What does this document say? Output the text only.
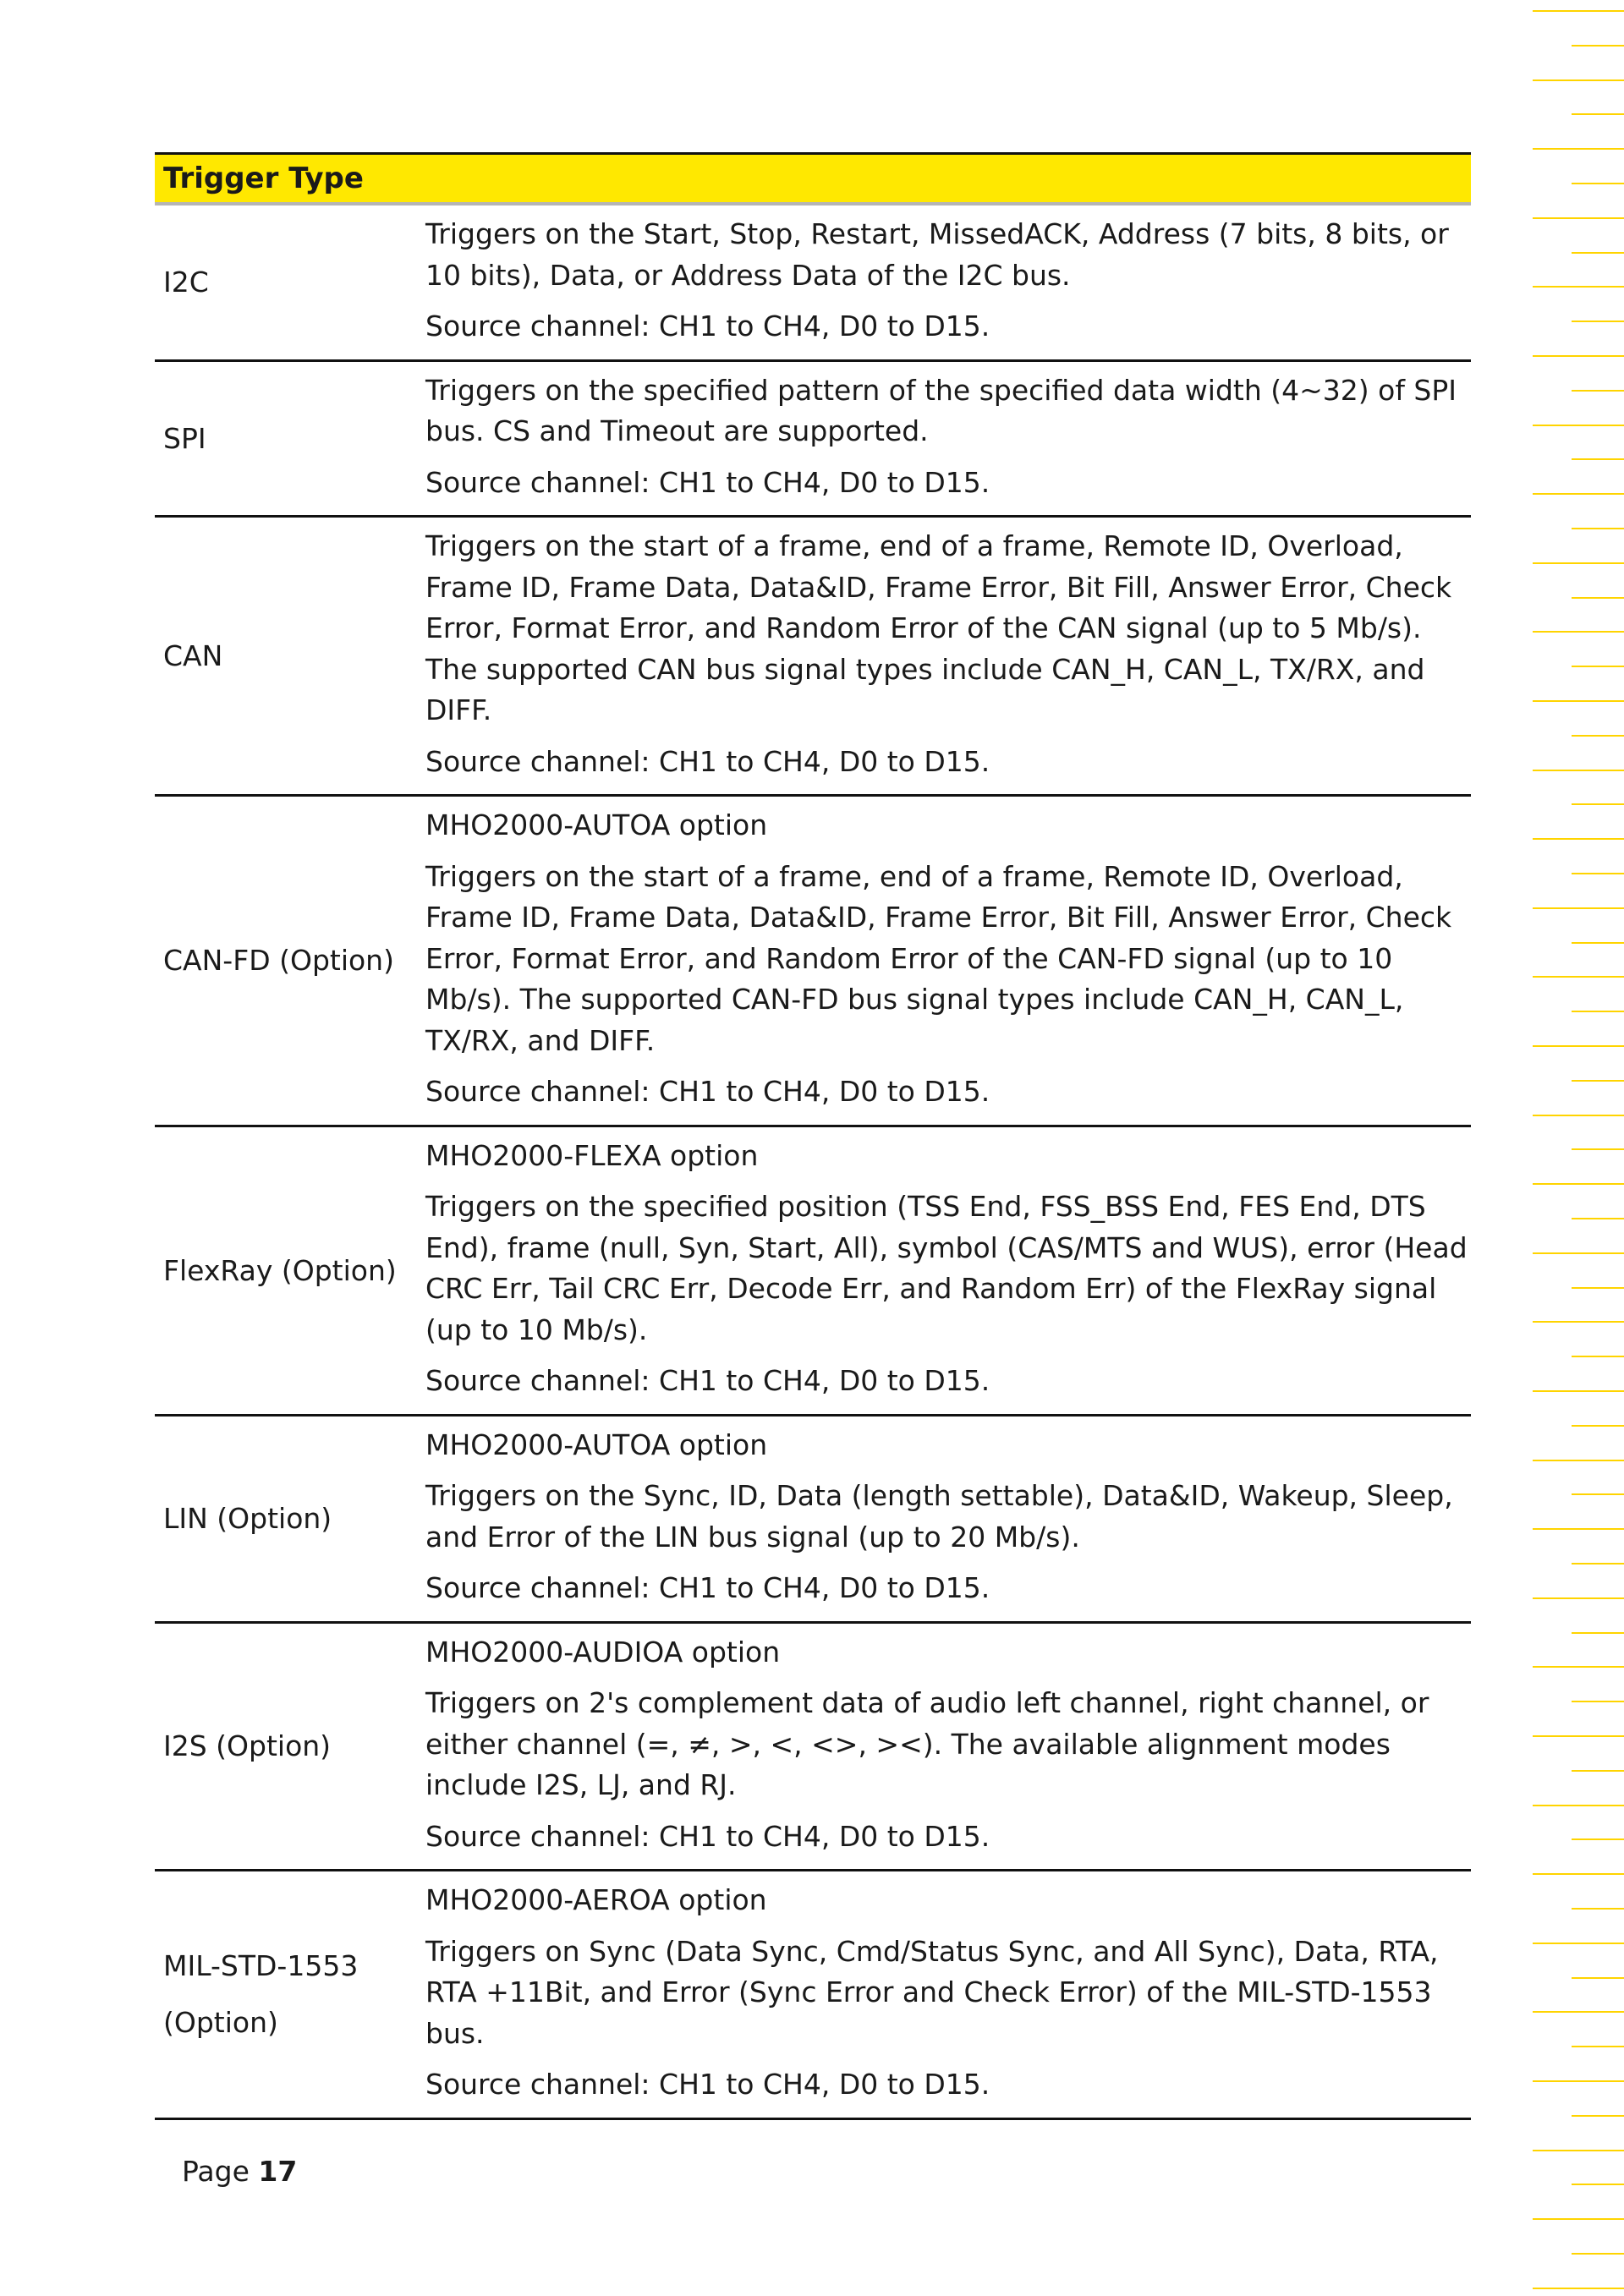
Trigger Type	
I2C	Triggers on the Start, Stop, Restart, MissedACK, Address (7 bits, 8 bits, or 10 bits), Data, or Address Data of the I2C bus.

Source channel: CH1 to CH4, D0 to D15.

SPI	Triggers on the specified pattern of the specified data width (4~32) of SPI bus. CS and Timeout are supported.

Source channel: CH1 to CH4, D0 to D15.

CAN	Triggers on the start of a frame, end of a frame, Remote ID, Overload, Frame ID, Frame Data, Data&ID, Frame Error, Bit Fill, Answer Error, Check Error, Format Error, and Random Error of the CAN signal (up to 5 Mb/s). The supported CAN bus signal types include CAN_H, CAN_L, TX/RX, and DIFF.

Source channel: CH1 to CH4, D0 to D15.

CAN-FD (Option)	MHO2000-AUTOA option

Triggers on the start of a frame, end of a frame, Remote ID, Overload, Frame ID, Frame Data, Data&ID, Frame Error, Bit Fill, Answer Error, Check Error, Format Error, and Random Error of the CAN-FD signal (up to 10 Mb/s). The supported CAN-FD bus signal types include CAN_H, CAN_L, TX/RX, and DIFF.

Source channel: CH1 to CH4, D0 to D15.

FlexRay (Option)	MHO2000-FLEXA option

Triggers on the specified position (TSS End, FSS_BSS End, FES End, DTS End), frame (null, Syn, Start, All), symbol (CAS/MTS and WUS), error (Head CRC Err, Tail CRC Err, Decode Err, and Random Err) of the FlexRay signal (up to 10 Mb/s).

Source channel: CH1 to CH4, D0 to D15.

LIN (Option)	MHO2000-AUTOA option

Triggers on the Sync, ID, Data (length settable), Data&ID, Wakeup, Sleep, and Error of the LIN bus signal (up to 20 Mb/s).

Source channel: CH1 to CH4, D0 to D15.

I2S (Option)	MHO2000-AUDIOA option

Triggers on 2's complement data of audio left channel, right channel, or either channel (=, ≠, >, <, <>, ><). The available alignment modes include I2S, LJ, and RJ.

Source channel: CH1 to CH4, D0 to D15.

MIL-STD-1553 (Option)	MHO2000-AEROA option

Triggers on Sync (Data Sync, Cmd/Status Sync, and All Sync), Data, RTA, RTA +11Bit, and Error (Sync Error and Check Error) of the MIL-STD-1553 bus.

Source channel: CH1 to CH4, D0 to D15.

Page 17
